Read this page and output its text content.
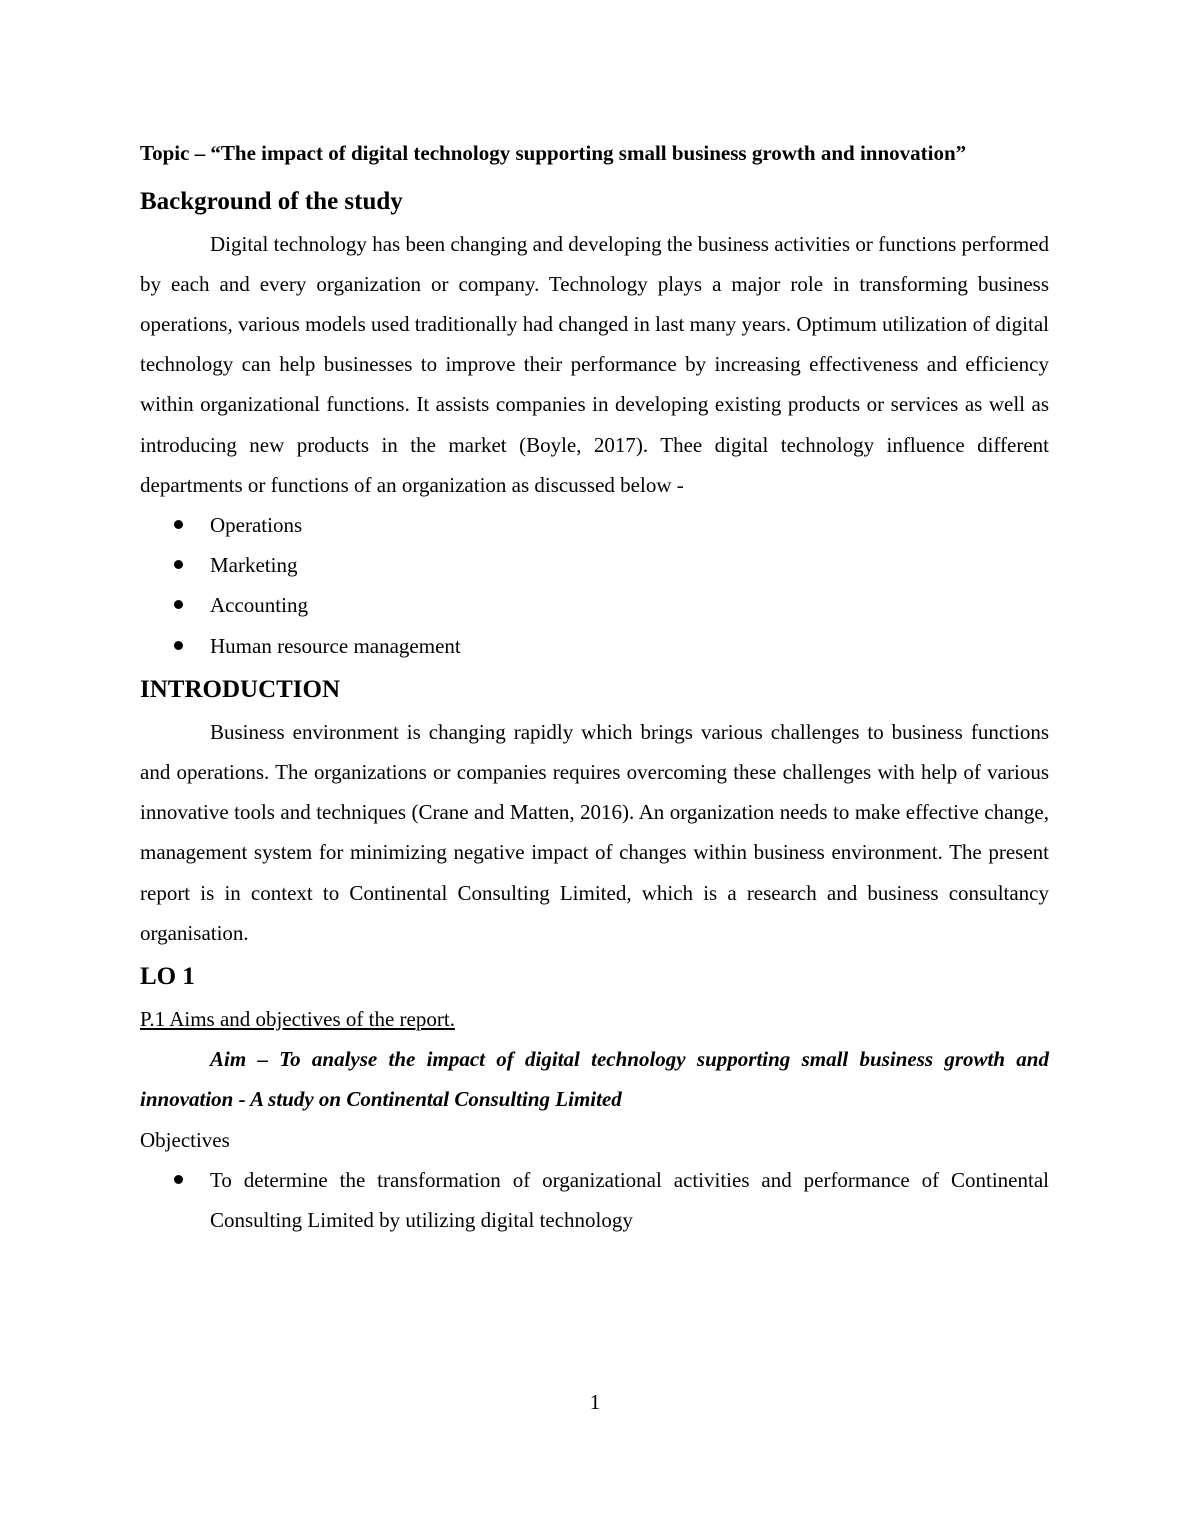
Topic – “The impact of digital technology supporting small business growth and innovation”

Background of the study

Digital technology has been changing and developing the business activities or functions performed by each and every organization or company. Technology plays a major role in transforming business operations, various models used traditionally had changed in last many years. Optimum utilization of digital technology can help businesses to improve their performance by increasing effectiveness and efficiency within organizational functions. It assists companies in developing existing products or services as well as introducing new products in the market (Boyle, 2017). Thee digital technology influence different departments or functions of an organization as discussed below -

Operations
Marketing
Accounting
Human resource management
INTRODUCTION

Business environment is changing rapidly which brings various challenges to business functions and operations. The organizations or companies requires overcoming these challenges with help of various innovative tools and techniques (Crane and Matten, 2016). An organization needs to make effective change, management system for minimizing negative impact of changes within business environment. The present report is in context to Continental Consulting Limited, which is a research and business consultancy organisation.

LO 1

P.1 Aims and objectives of the report.

Aim – To analyse the impact of digital technology supporting small business growth and innovation - A study on Continental Consulting Limited

Objectives

To determine the transformation of organizational activities and performance of Continental Consulting Limited by utilizing digital technology
1
